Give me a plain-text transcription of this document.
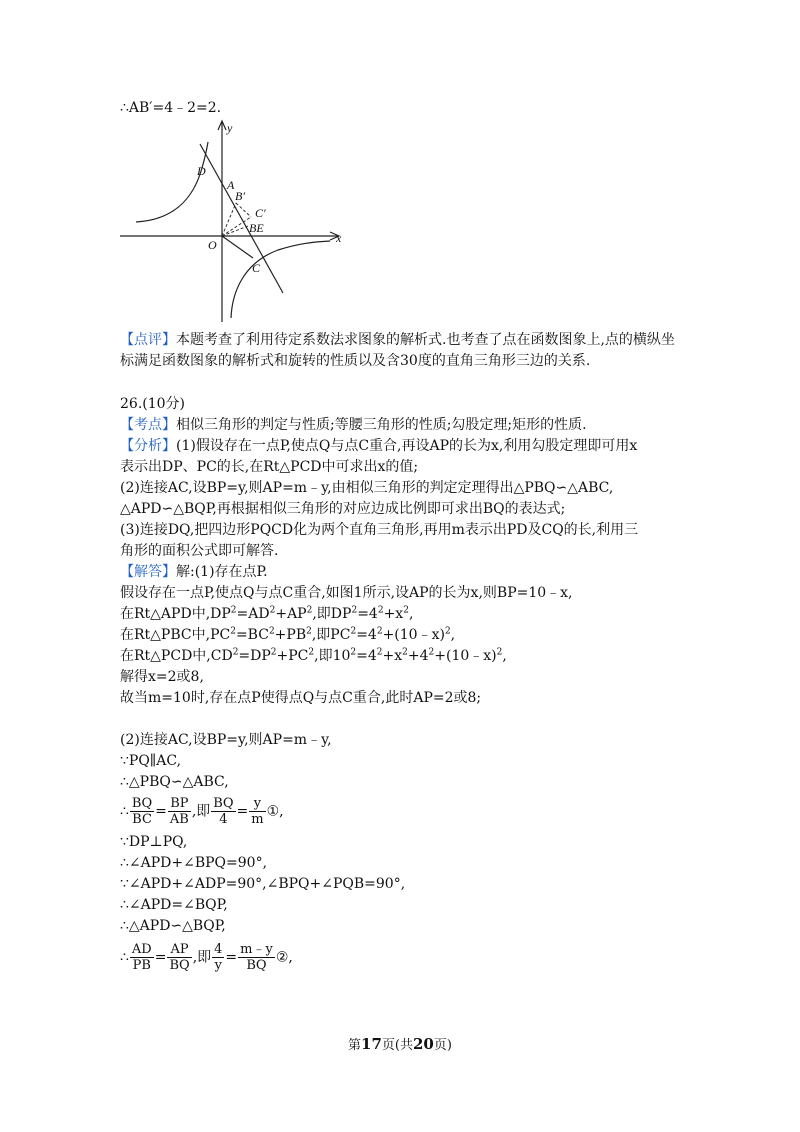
∴AB′=4﹣2=2.
x
y
O
A
D
B′
C′
BE
C
【点评】本题考查了利用待定系数法求图象的解析式.也考查了点在函数图象上,点的横纵坐
标满足函数图象的解析式和旋转的性质以及含30度的直角三角形三边的关系.
26.(10分)
【考点】相似三角形的判定与性质;等腰三角形的性质;勾股定理;矩形的性质.
【分析】(1)假设存在一点P,使点Q与点C重合,再设AP的长为x,利用勾股定理即可用x
表示出DP、PC的长,在Rt△PCD中可求出x的值;
(2)连接AC,设BP=y,则AP=m﹣y,由相似三角形的判定定理得出△PBQ∽△ABC,
△APD∽△BQP,再根据相似三角形的对应边成比例即可求出BQ的表达式;
(3)连接DQ,把四边形PQCD化为两个直角三角形,再用m表示出PD及CQ的长,利用三
角形的面积公式即可解答.
【解答】解:(1)存在点P.
假设存在一点P,使点Q与点C重合,如图1所示,设AP的长为x,则BP=10﹣x,
在Rt△APD中$,DP^2=AD^2+AP^2$,即$DP^2=4^2+x^2$,
在Rt△PBC中$,PC^2=BC^2+PB^2$,即$PC^2=4^2+(10﹣x)^2$,
在Rt△PCD中$,CD^2=DP^2+PC^2$,即$10^2=4^2+x^2+4^2+(10﹣x)^2$,
解得x=2或8,
故当m=10时,存在点P使得点Q与点C重合,此时AP=2或8;
(2)连接AC,设BP=y,则AP=m﹣y,
∵PQ∥AC,
∴△PBQ∽△ABC,
∴ $\frac{BQ}{BC} = \frac{BP}{AB}$ ,即 $\frac{BQ}{4} = \frac{y}{m}$ ①,
∵DP⊥PQ,
∴∠APD+∠BPQ=90°,
∵∠APD+∠ADP=90°,∠BPQ+∠PQB=90°,
∴∠APD=∠BQP,
∴△APD∽△BQP,
∴ $\frac{AD}{PB} = \frac{AP}{BQ}$ ,即 $\frac{4}{y} = \frac{m﹣y}{BQ}$ ②,
第17页(共20页)
